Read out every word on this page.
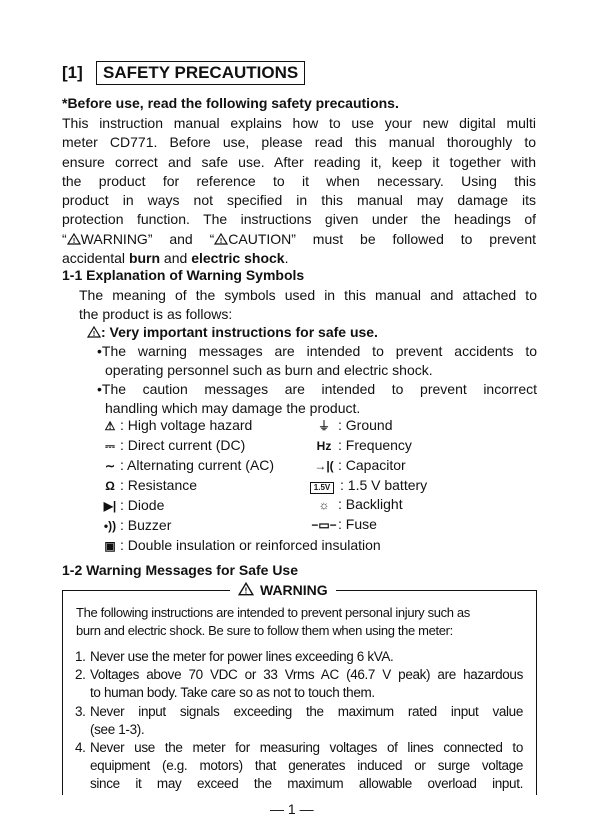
[1]	SAFETY PRECAUTIONS
*Before use, read the following safety precautions.

This instruction manual explains how to use your new digital multi

meter CD771. Before use, please read this manual thoroughly to

ensure correct and safe use. After reading it, keep it together with

the product for reference to it when necessary. Using this

product in ways not specified in this manual may damage its

protection function. The instructions given under the headings of

“ ! WARNING” and “ ! CAUTION” must be followed to prevent

accidental burn and electric shock.

1-1 Explanation of Warning Symbols
The meaning of the symbols used in this manual and attached to
the product is as follows:
! : Very important instructions for safe use.
•The warning messages are intended to prevent accidents to
operating personnel such as burn and electric shock.
•The caution messages are intended to prevent incorrect
handling which may damage the product.
⚠ : High voltage hazard
⎓ : Direct current (DC)
∼ : Alternating current (AC)
Ω : Resistance
▶| : Diode
•)) : Buzzer
▣ : Double insulation or reinforced insulation
⏚ : Ground
Hz : Frequency
→|( : Capacitor
1.5V : 1.5 V battery
☼ : Backlight
−▭−: Fuse
1-2 Warning Messages for Safe Use
! WARNING

The following instructions are intended to prevent personal injury such as

burn and electric shock. Be sure to follow them when using the meter:

1. Never use the meter for power lines exceeding 6 kVA.
2. Voltages above 70 VDC or 33 Vrms AC (46.7 V peak) are hazardous
to human body. Take care so as not to touch them.
3. Never input signals exceeding the maximum rated input value
(see 1-3).
4. Never use the meter for measuring voltages of lines connected to
equipment (e.g. motors) that generates induced or surge voltage
since it may exceed the maximum allowable overload input.
— 1 —
